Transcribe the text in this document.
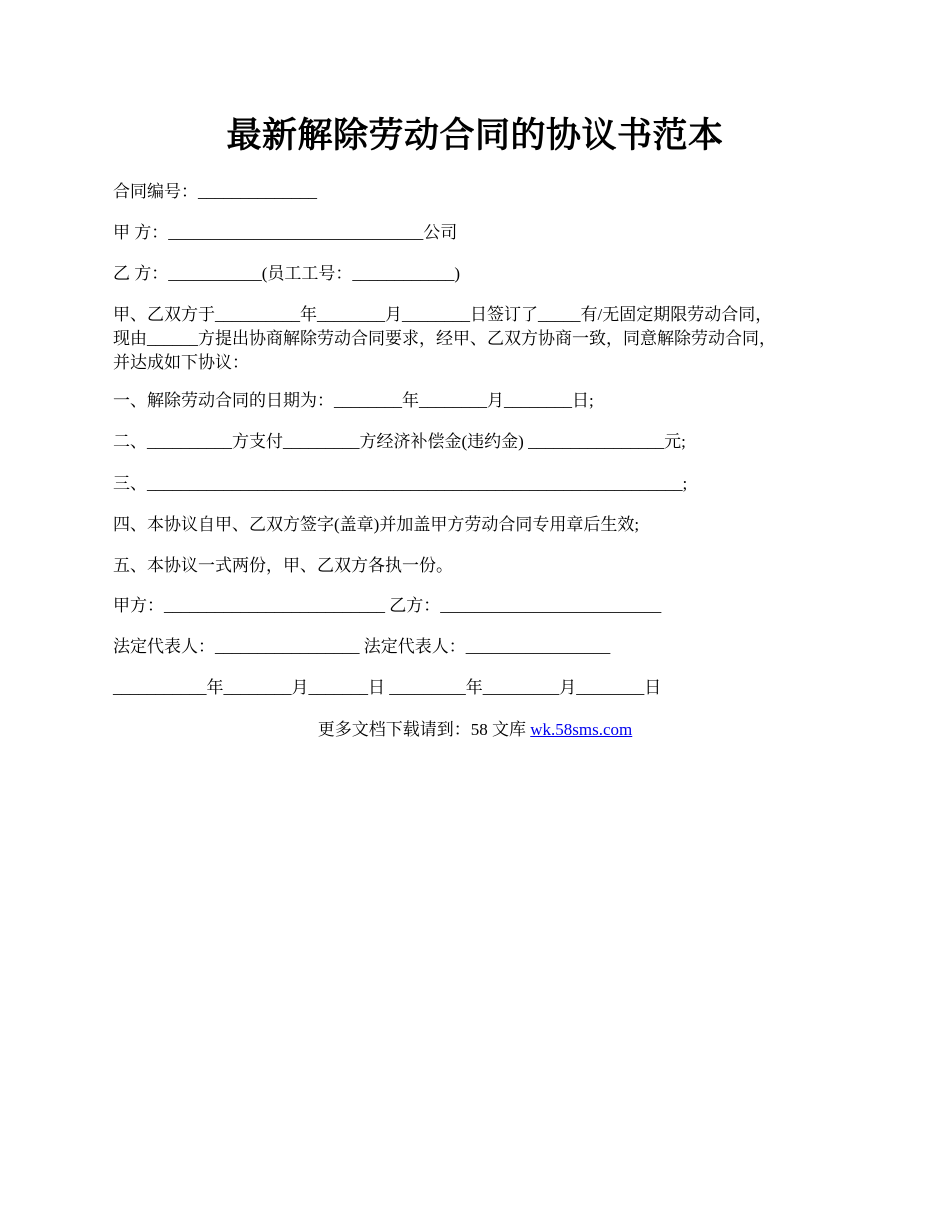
最新解除劳动合同的协议书范本
合同编号：______________
甲 方：______________________________公司
乙 方：___________(员工工号：____________)
甲、乙双方于__________年________月________日签订了_____有/无固定期限劳动合同，
现由______方提出协商解除劳动合同要求，经甲、乙双方协商一致，同意解除劳动合同，
并达成如下协议：
一、解除劳动合同的日期为：________年________月________日;
二、__________方支付_________方经济补偿金(违约金) ________________元;
三、_______________________________________________________________;
四、本协议自甲、乙双方签字(盖章)并加盖甲方劳动合同专用章后生效;
五、本协议一式两份，甲、乙双方各执一份。
甲方：__________________________ 乙方：__________________________
法定代表人：_________________ 法定代表人：_________________
___________年________月_______日 _________年_________月________日
更多文档下载请到：58 文库 wk.58sms.com
